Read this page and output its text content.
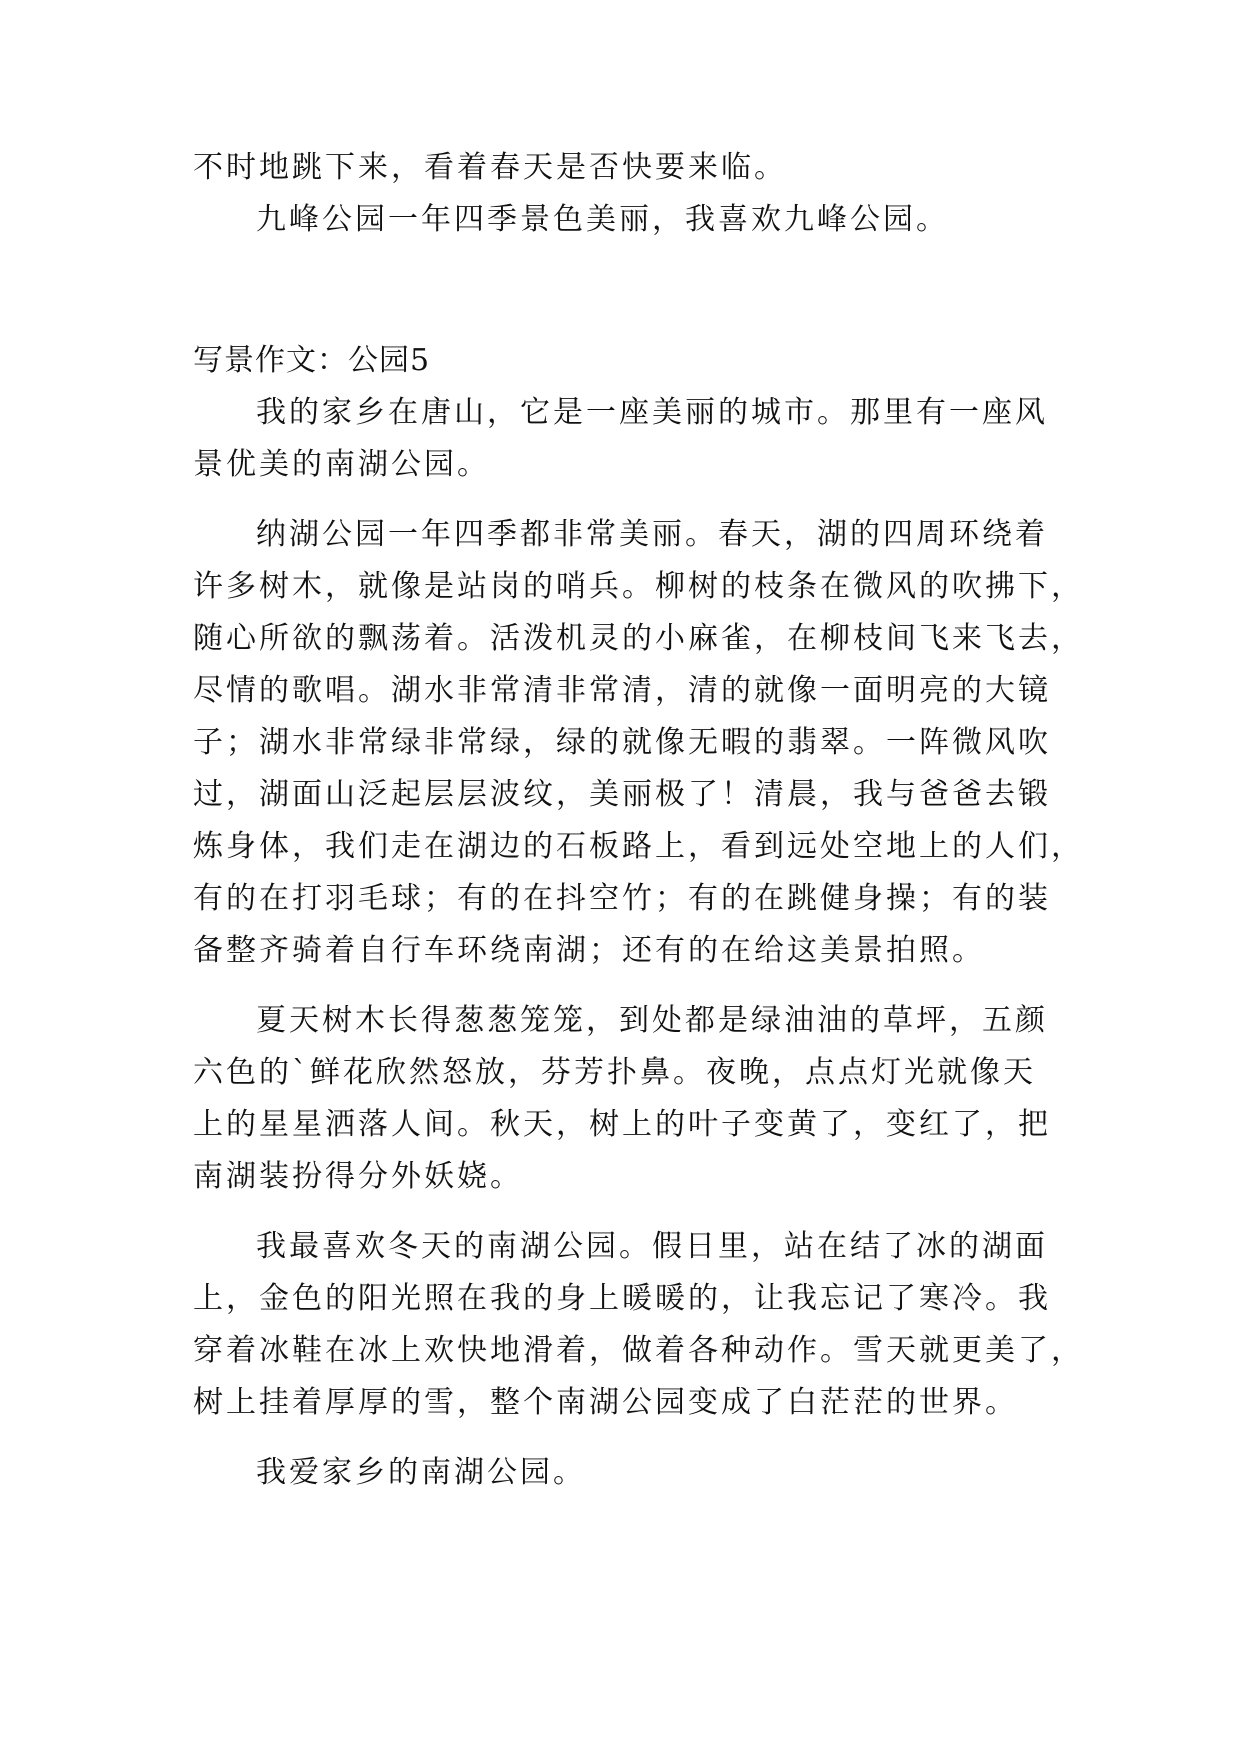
不时地跳下来，看着春天是否快要来临。
九峰公园一年四季景色美丽，我喜欢九峰公园。
写景作文：公园5
我的家乡在唐山，它是一座美丽的城市。那里有一座风
景优美的南湖公园。
纳湖公园一年四季都非常美丽。春天，湖的四周环绕着
许多树木，就像是站岗的哨兵。柳树的枝条在微风的吹拂下，
随心所欲的飘荡着。活泼机灵的小麻雀，在柳枝间飞来飞去，
尽情的歌唱。湖水非常清非常清，清的就像一面明亮的大镜
子；湖水非常绿非常绿，绿的就像无暇的翡翠。一阵微风吹
过，湖面山泛起层层波纹，美丽极了！清晨，我与爸爸去锻
炼身体，我们走在湖边的石板路上，看到远处空地上的人们，
有的在打羽毛球；有的在抖空竹；有的在跳健身操；有的装
备整齐骑着自行车环绕南湖；还有的在给这美景拍照。
夏天树木长得葱葱笼笼，到处都是绿油油的草坪，五颜
六色的`鲜花欣然怒放，芬芳扑鼻。夜晚，点点灯光就像天
上的星星洒落人间。秋天，树上的叶子变黄了，变红了，把
南湖装扮得分外妖娆。
我最喜欢冬天的南湖公园。假日里，站在结了冰的湖面
上，金色的阳光照在我的身上暖暖的，让我忘记了寒冷。我
穿着冰鞋在冰上欢快地滑着，做着各种动作。雪天就更美了，
树上挂着厚厚的雪，整个南湖公园变成了白茫茫的世界。
我爱家乡的南湖公园。
